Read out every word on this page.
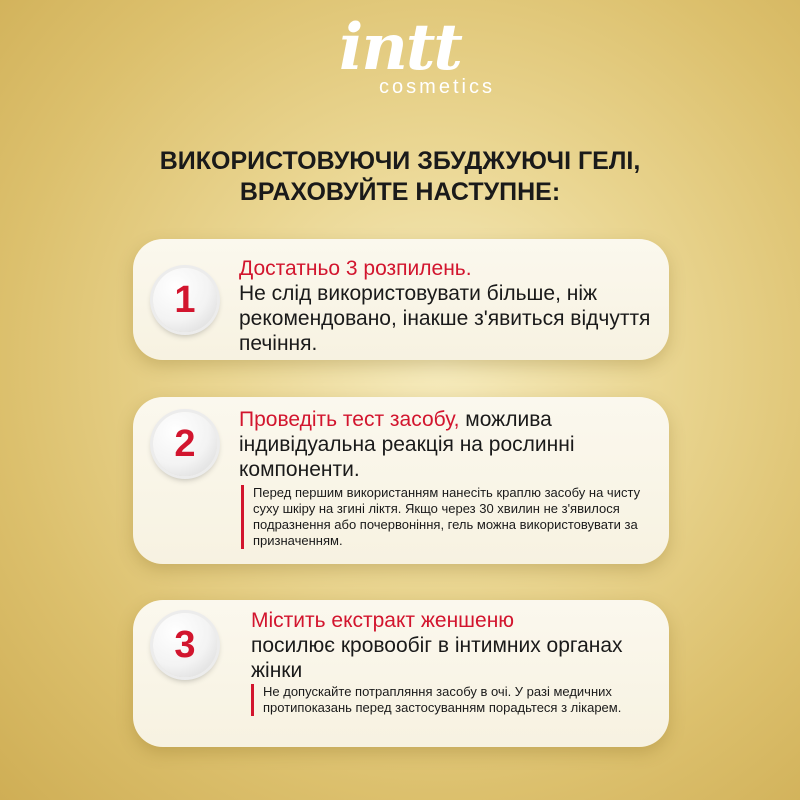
intt
cosmetics
ВИКОРИСТОВУЮЧИ ЗБУДЖУЮЧІ ГЕЛІ,
ВРАХОВУЙТЕ НАСТУПНЕ:
1
Достатньо 3 розпилень.
Не слід використовувати більше, ніж рекомендовано, інакше з'явиться відчуття печіння.
2
Проведіть тест засобу, можлива індивідуальна реакція на рослинні компоненти.
Перед першим використанням нанесіть краплю засобу на чисту суху шкіру на згині ліктя. Якщо через 30 хвилин не з'явилося подразнення або почервоніння, гель можна використовувати за призначенням.
3
Містить екстракт женшеню
посилює кровообіг в інтимних органах жінки
Не допускайте потрапляння засобу в очі. У разі медичних протипоказань перед застосуванням порадьтеся з лікарем.
